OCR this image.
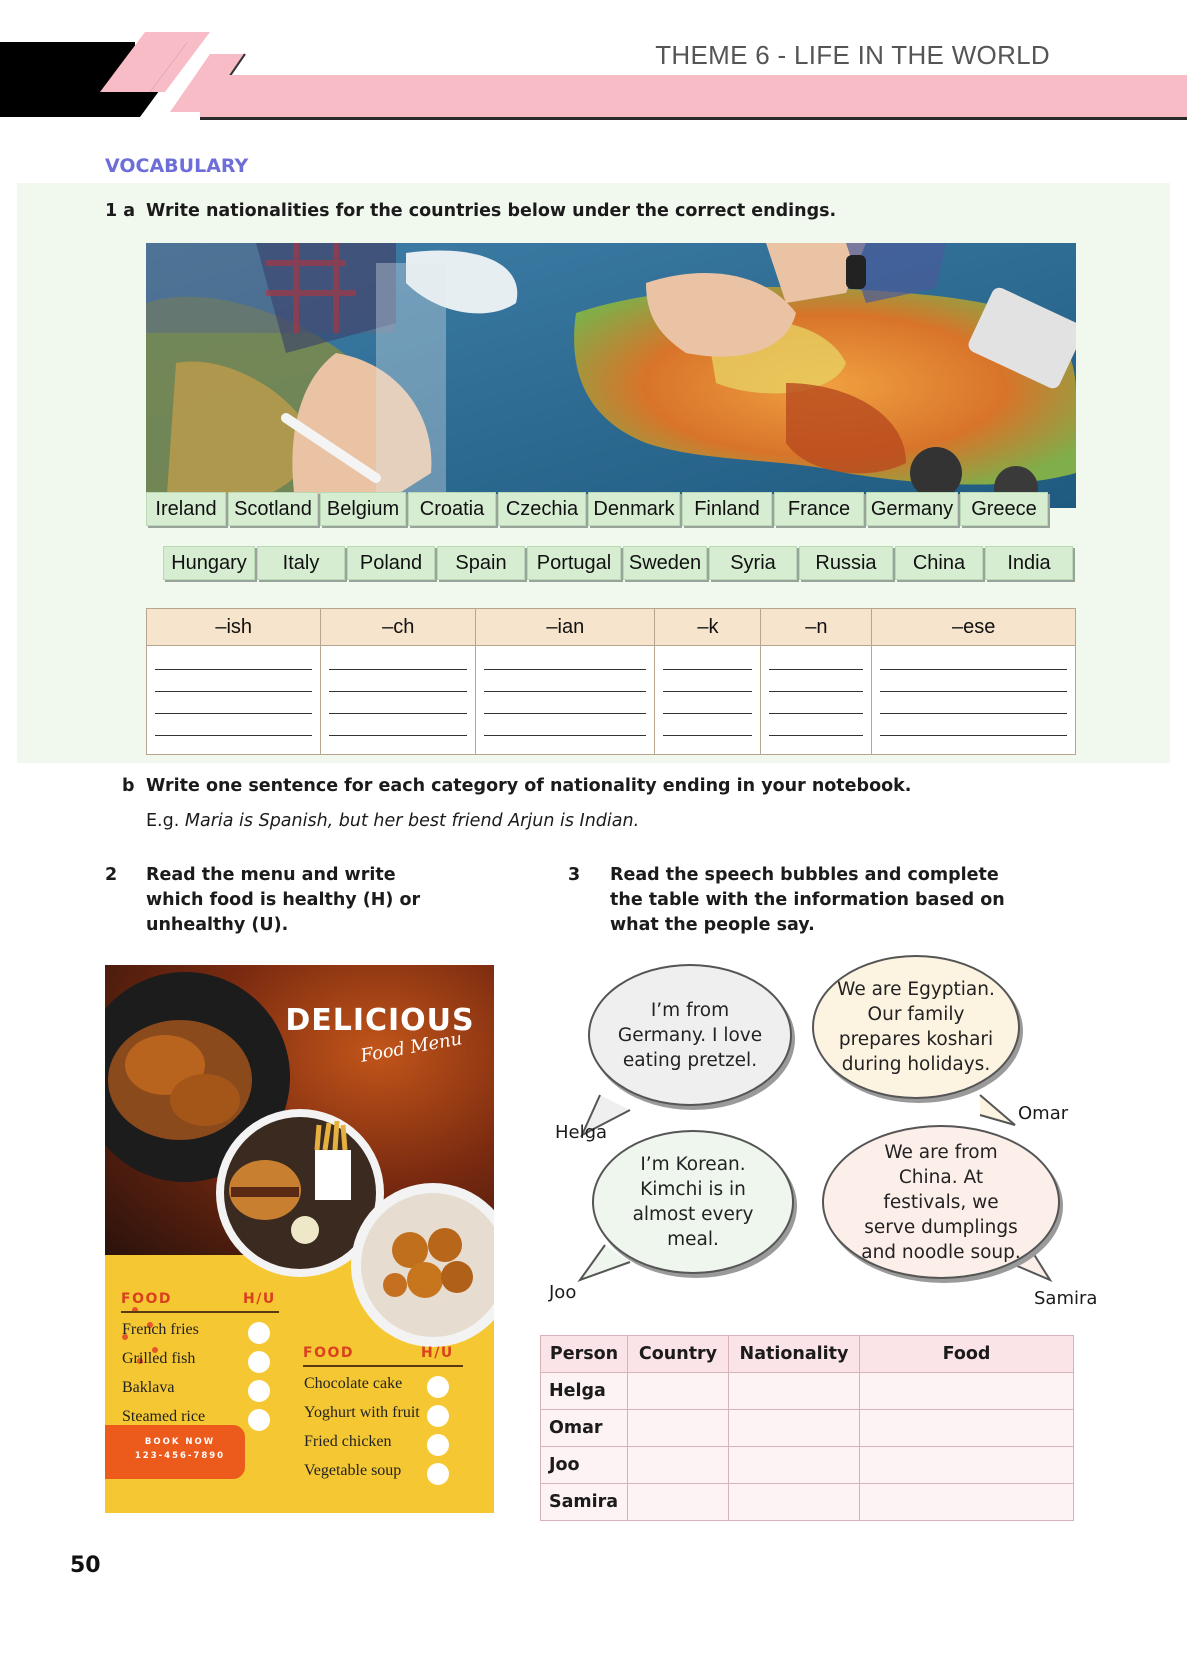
THEME 6 - LIFE IN THE WORLD
VOCABULARY
1 a Write nationalities for the countries below under the correct endings.
Ireland Scotland Belgium	Croatia	Czechia Denmark Finland	France	Germany Greece
Hungary	Italy	Poland	Spain	Portugal Sweden	Syria	Russia	China	India
–ish	–ch	–ian	–k	–n	–ese

b Write one sentence for each category of nationality ending in your notebook.
E.g. Maria is Spanish, but her best friend Arjun is Indian.
2 Read the menu and write
which food is healthy (H) or
unhealthy (U).
3 Read the speech bubbles and complete
the table with the information based on
what the people say.
DELICIOUS
Food Menu
FOOD	H/U
French fries
Grilled fish
Baklava
Steamed rice
FOOD	H/U
Chocolate cake
Yoghurt with fruit
Fried chicken
Vegetable soup
BOOK NOW
123-456-7890
I’m from
Germany. I love
eating pretzel.
We are Egyptian.
Our family
prepares koshari
during holidays.
I’m Korean.
Kimchi is in
almost every
meal.
We are from
China. At
festivals, we
serve dumplings
and noodle soup.
Helga
Omar
Joo	Samira
Person	Country	Nationality	Food
Helga			
Omar			
Joo			
Samira			
50
